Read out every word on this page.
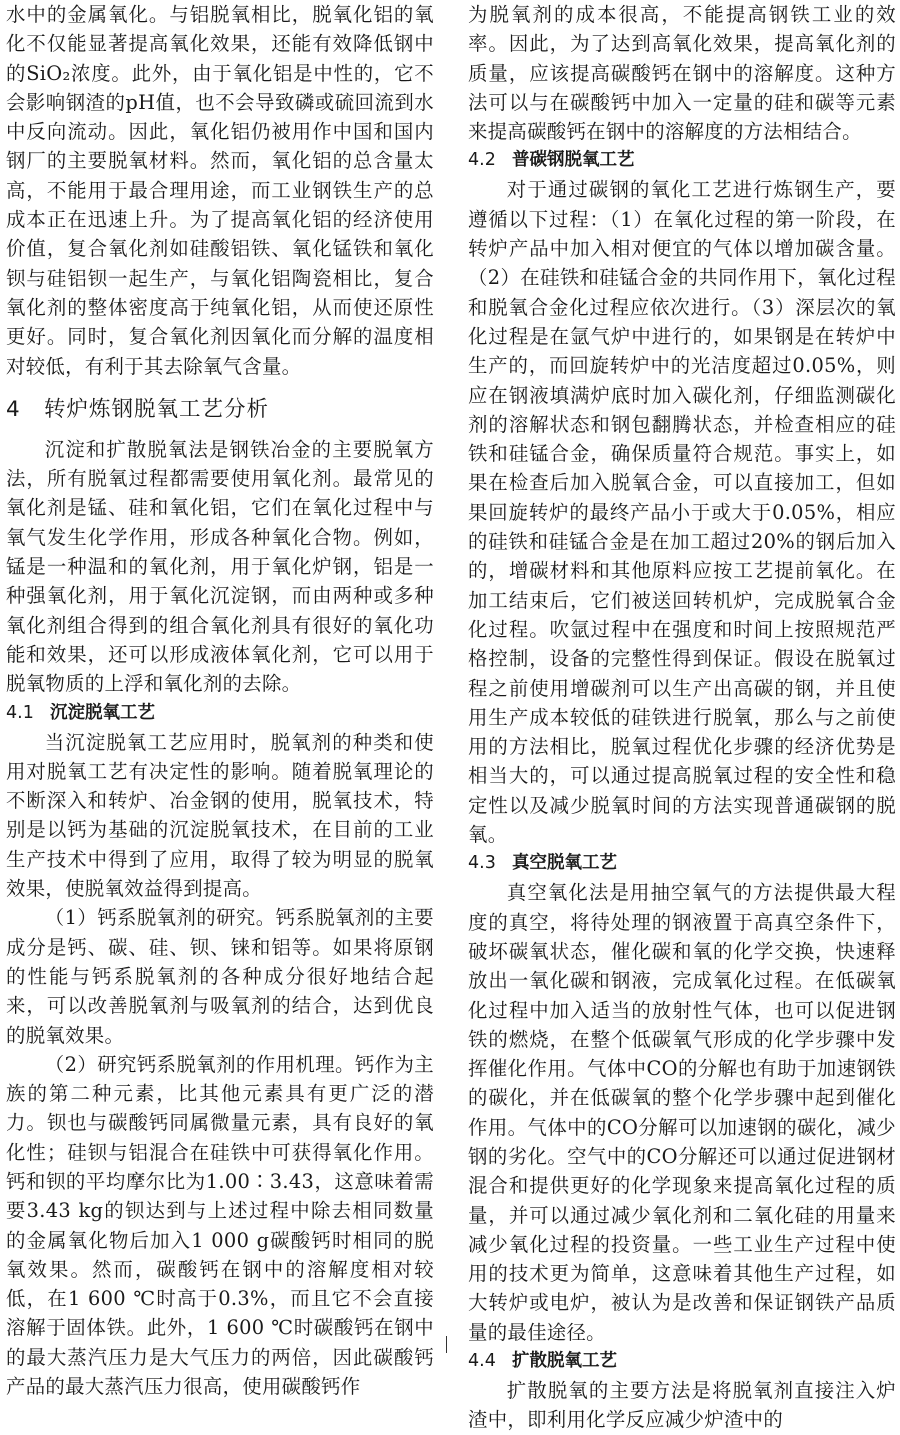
水中的金属氧化。与铝脱氧相比，脱氧化铝的氧化不仅能显著提高氧化效果，还能有效降低钢中的SiO₂浓度。此外，由于氧化铝是中性的，它不会影响钢渣的pH值，也不会导致磷或硫回流到水中反向流动。因此，氧化铝仍被用作中国和国内钢厂的主要脱氧材料。然而，氧化铝的总含量太高，不能用于最合理用途，而工业钢铁生产的总成本正在迅速上升。为了提高氧化铝的经济使用价值，复合氧化剂如硅酸铝铁、氧化锰铁和氧化钡与硅铝钡一起生产，与氧化铝陶瓷相比，复合氧化剂的整体密度高于纯氧化铝，从而使还原性更好。同时，复合氧化剂因氧化而分解的温度相对较低，有利于其去除氧气含量。

4 转炉炼钢脱氧工艺分析

沉淀和扩散脱氧法是钢铁冶金的主要脱氧方法，所有脱氧过程都需要使用氧化剂。最常见的氧化剂是锰、硅和氧化铝，它们在氧化过程中与氧气发生化学作用，形成各种氧化合物。例如，锰是一种温和的氧化剂，用于氧化炉钢，铝是一种强氧化剂，用于氧化沉淀钢，而由两种或多种氧化剂组合得到的组合氧化剂具有很好的氧化功能和效果，还可以形成液体氧化剂，它可以用于脱氧物质的上浮和氧化剂的去除。

4.1 沉淀脱氧工艺

当沉淀脱氧工艺应用时，脱氧剂的种类和使用对脱氧工艺有决定性的影响。随着脱氧理论的不断深入和转炉、冶金钢的使用，脱氧技术，特别是以钙为基础的沉淀脱氧技术，在目前的工业生产技术中得到了应用，取得了较为明显的脱氧效果，使脱氧效益得到提高。

（1）钙系脱氧剂的研究。钙系脱氧剂的主要成分是钙、碳、硅、钡、铼和铝等。如果将原钢的性能与钙系脱氧剂的各种成分很好地结合起来，可以改善脱氧剂与吸氧剂的结合，达到优良的脱氧效果。

（2）研究钙系脱氧剂的作用机理。钙作为主族的第二种元素，比其他元素具有更广泛的潜力。钡也与碳酸钙同属微量元素，具有良好的氧化性；硅钡与铝混合在硅铁中可获得氧化作用。钙和钡的平均摩尔比为1.00∶3.43，这意味着需要3.43 kg的钡达到与上述过程中除去相同数量的金属氧化物后加入1 000 g碳酸钙时相同的脱氧效果。然而，碳酸钙在钢中的溶解度相对较低，在1 600 ℃时高于0.3%，而且它不会直接溶解于固体铁。此外，1 600 ℃时碳酸钙在钢中的最大蒸汽压力是大气压力的两倍，因此碳酸钙产品的最大蒸汽压力很高，使用碳酸钙作

为脱氧剂的成本很高，不能提高钢铁工业的效率。因此，为了达到高氧化效果，提高氧化剂的质量，应该提高碳酸钙在钢中的溶解度。这种方法可以与在碳酸钙中加入一定量的硅和碳等元素来提高碳酸钙在钢中的溶解度的方法相结合。

4.2 普碳钢脱氧工艺

对于通过碳钢的氧化工艺进行炼钢生产，要遵循以下过程：（1）在氧化过程的第一阶段，在转炉产品中加入相对便宜的气体以增加碳含量。（2）在硅铁和硅锰合金的共同作用下，氧化过程和脱氧合金化过程应依次进行。（3）深层次的氧化过程是在氩气炉中进行的，如果钢是在转炉中生产的，而回旋转炉中的光洁度超过0.05%，则应在钢液填满炉底时加入碳化剂，仔细监测碳化剂的溶解状态和钢包翻腾状态，并检查相应的硅铁和硅锰合金，确保质量符合规范。事实上，如果在检查后加入脱氧合金，可以直接加工，但如果回旋转炉的最终产品小于或大于0.05%，相应的硅铁和硅锰合金是在加工超过20%的钢后加入的，增碳材料和其他原料应按工艺提前氧化。在加工结束后，它们被送回转机炉，完成脱氧合金化过程。吹氩过程中在强度和时间上按照规范严格控制，设备的完整性得到保证。假设在脱氧过程之前使用增碳剂可以生产出高碳的钢，并且使用生产成本较低的硅铁进行脱氧，那么与之前使用的方法相比，脱氧过程优化步骤的经济优势是相当大的，可以通过提高脱氧过程的安全性和稳定性以及减少脱氧时间的方法实现普通碳钢的脱氧。

4.3 真空脱氧工艺

真空氧化法是用抽空氧气的方法提供最大程度的真空，将待处理的钢液置于高真空条件下，破坏碳氧状态，催化碳和氧的化学交换，快速释放出一氧化碳和钢液，完成氧化过程。在低碳氧化过程中加入适当的放射性气体，也可以促进钢铁的燃烧，在整个低碳氧气形成的化学步骤中发挥催化作用。气体中CO的分解也有助于加速钢铁的碳化，并在低碳氧的整个化学步骤中起到催化作用。气体中的CO分解可以加速钢的碳化，减少钢的劣化。空气中的CO分解还可以通过促进钢材混合和提供更好的化学现象来提高氧化过程的质量，并可以通过减少氧化剂和二氧化硅的用量来减少氧化过程的投资量。一些工业生产过程中使用的技术更为简单，这意味着其他生产过程，如大转炉或电炉，被认为是改善和保证钢铁产品质量的最佳途径。

4.4 扩散脱氧工艺

扩散脱氧的主要方法是将脱氧剂直接注入炉渣中，即利用化学反应减少炉渣中的
